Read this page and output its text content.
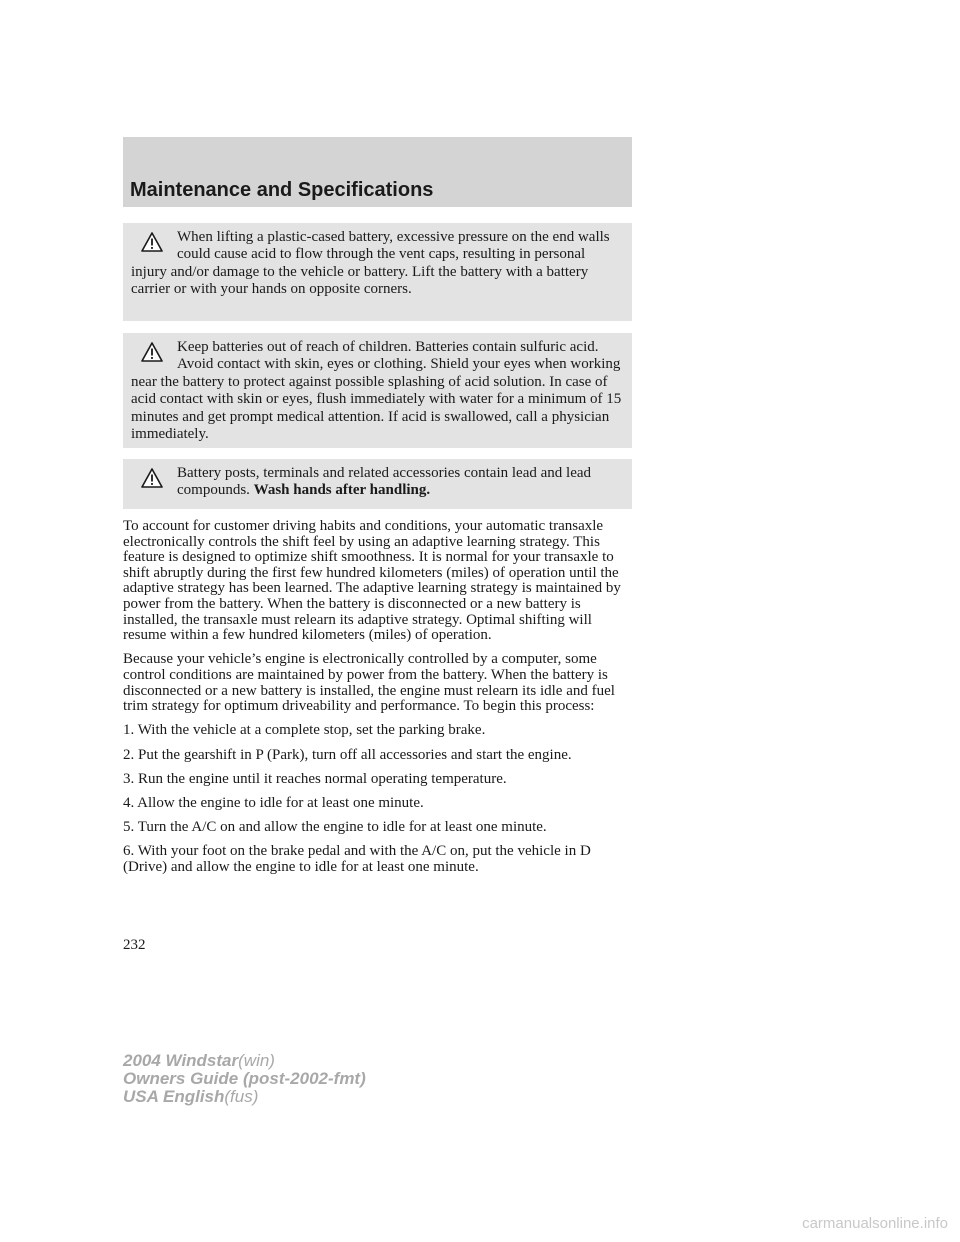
Maintenance and Specifications

When lifting a plastic-cased battery, excessive pressure on the end walls could cause acid to flow through the vent caps, resulting in personal injury and/or damage to the vehicle or battery. Lift the battery with a battery carrier or with your hands on opposite corners.

Keep batteries out of reach of children. Batteries contain sulfuric acid. Avoid contact with skin, eyes or clothing. Shield your eyes when working near the battery to protect against possible splashing of acid solution. In case of acid contact with skin or eyes, flush immediately with water for a minimum of 15 minutes and get prompt medical attention. If acid is swallowed, call a physician immediately.

Battery posts, terminals and related accessories contain lead and lead compounds. Wash hands after handling.

To account for customer driving habits and conditions, your automatic transaxle electronically controls the shift feel by using an adaptive learning strategy. This feature is designed to optimize shift smoothness. It is normal for your transaxle to shift abruptly during the first few hundred kilometers (miles) of operation until the adaptive strategy has been learned. The adaptive learning strategy is maintained by power from the battery. When the battery is disconnected or a new battery is installed, the transaxle must relearn its adaptive strategy. Optimal shifting will resume within a few hundred kilometers (miles) of operation.

Because your vehicle’s engine is electronically controlled by a computer, some control conditions are maintained by power from the battery. When the battery is disconnected or a new battery is installed, the engine must relearn its idle and fuel trim strategy for optimum driveability and performance. To begin this process:

1. With the vehicle at a complete stop, set the parking brake.

2. Put the gearshift in P (Park), turn off all accessories and start the engine.

3. Run the engine until it reaches normal operating temperature.

4. Allow the engine to idle for at least one minute.

5. Turn the A/C on and allow the engine to idle for at least one minute.

6. With your foot on the brake pedal and with the A/C on, put the vehicle in D (Drive) and allow the engine to idle for at least one minute.

232
2004 Windstar(win)
Owners Guide (post-2002-fmt)
USA English(fus)
carmanualsonline.info
